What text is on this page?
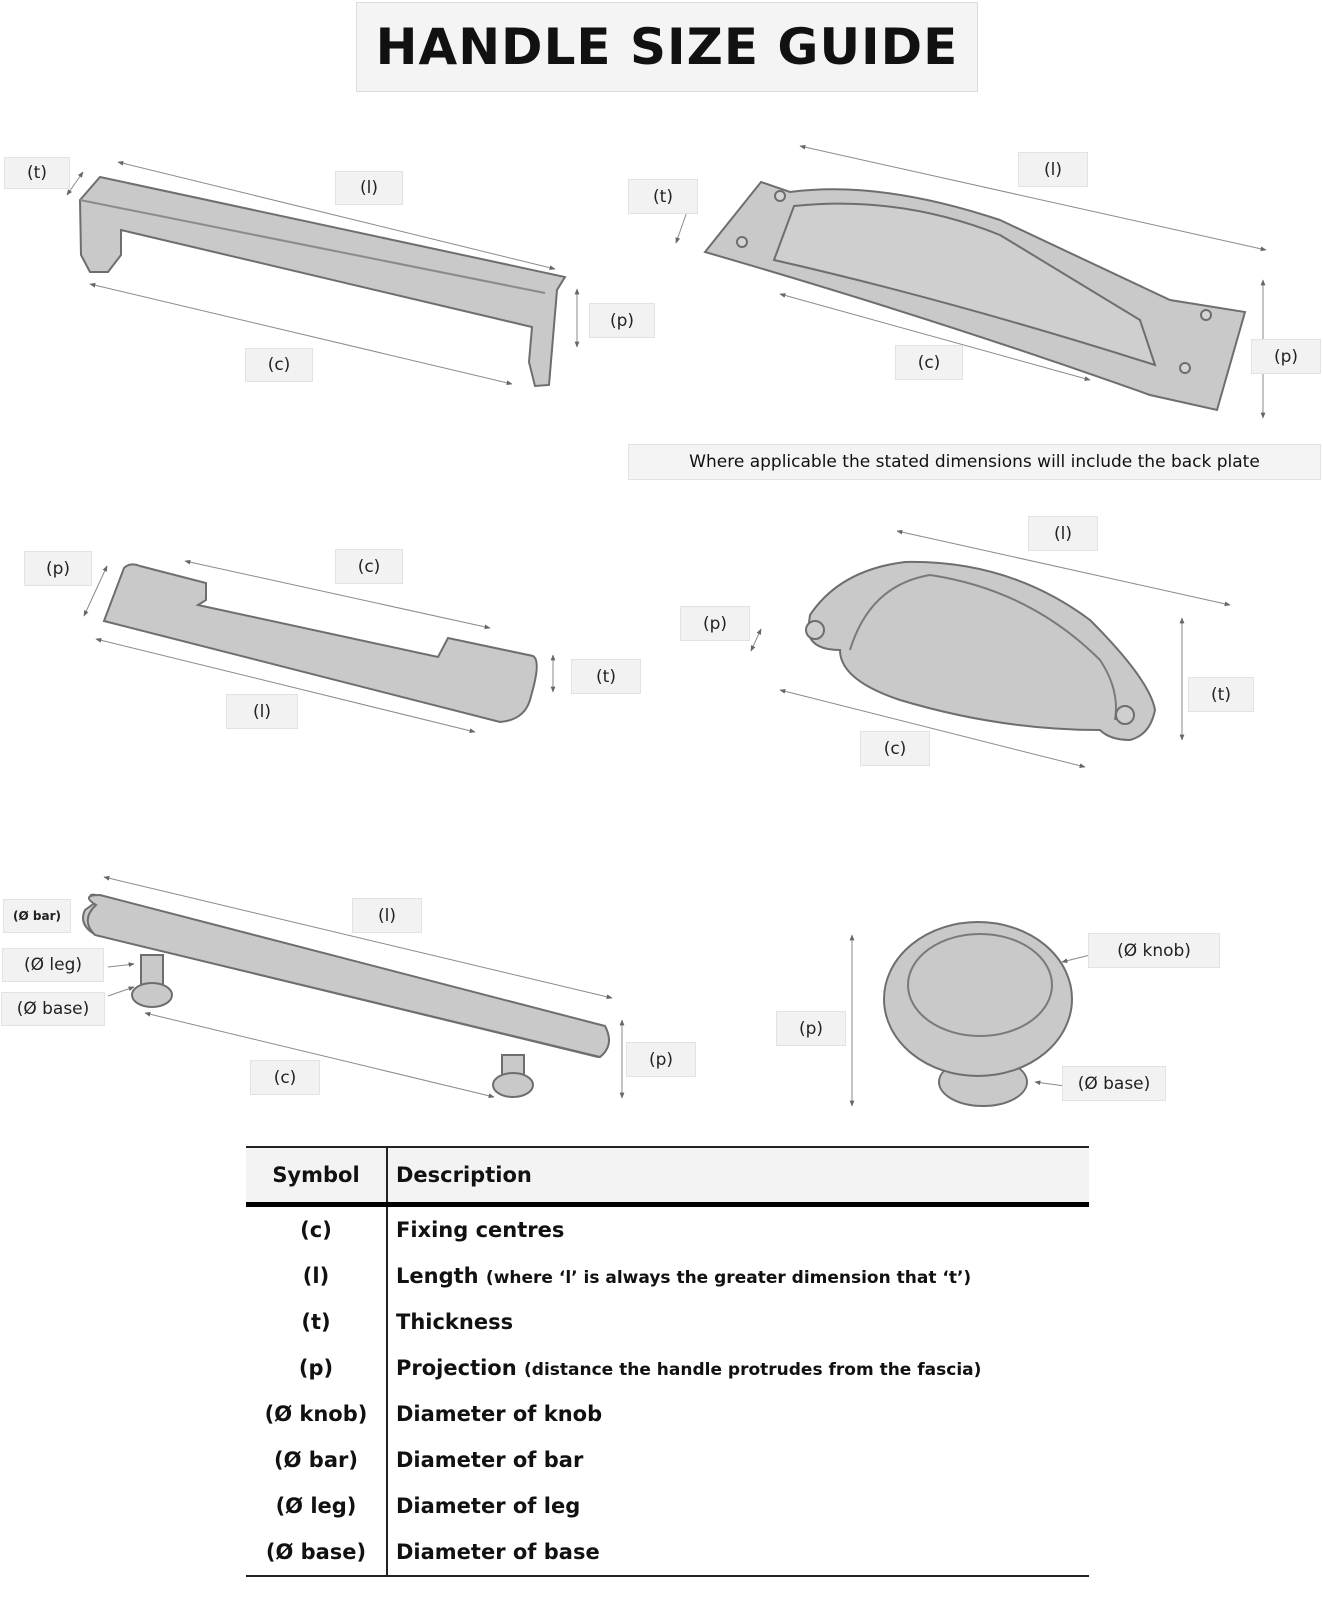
HANDLE SIZE GUIDE
(t)
(l)
(p)
(c)
(t)
(l)
(c)	(p)
Where applicable the stated dimensions will include the back plate
(p)	(c)
(t)
(l)
(l)
(p)
(t)
(c)
(Ø bar)
(Ø leg)
(Ø base)
(l)
(c)
(p)
(p)
(Ø knob)
(Ø base)
Symbol	Description
(c)	Fixing centres
(l)	Length (where ‘l’ is always the greater dimension that ‘t’)
(t)	Thickness
(p)	Projection (distance the handle protrudes from the fascia)
(Ø knob)	Diameter of knob
(Ø bar)	Diameter of bar
(Ø leg)	Diameter of leg
(Ø base)	Diameter of base
